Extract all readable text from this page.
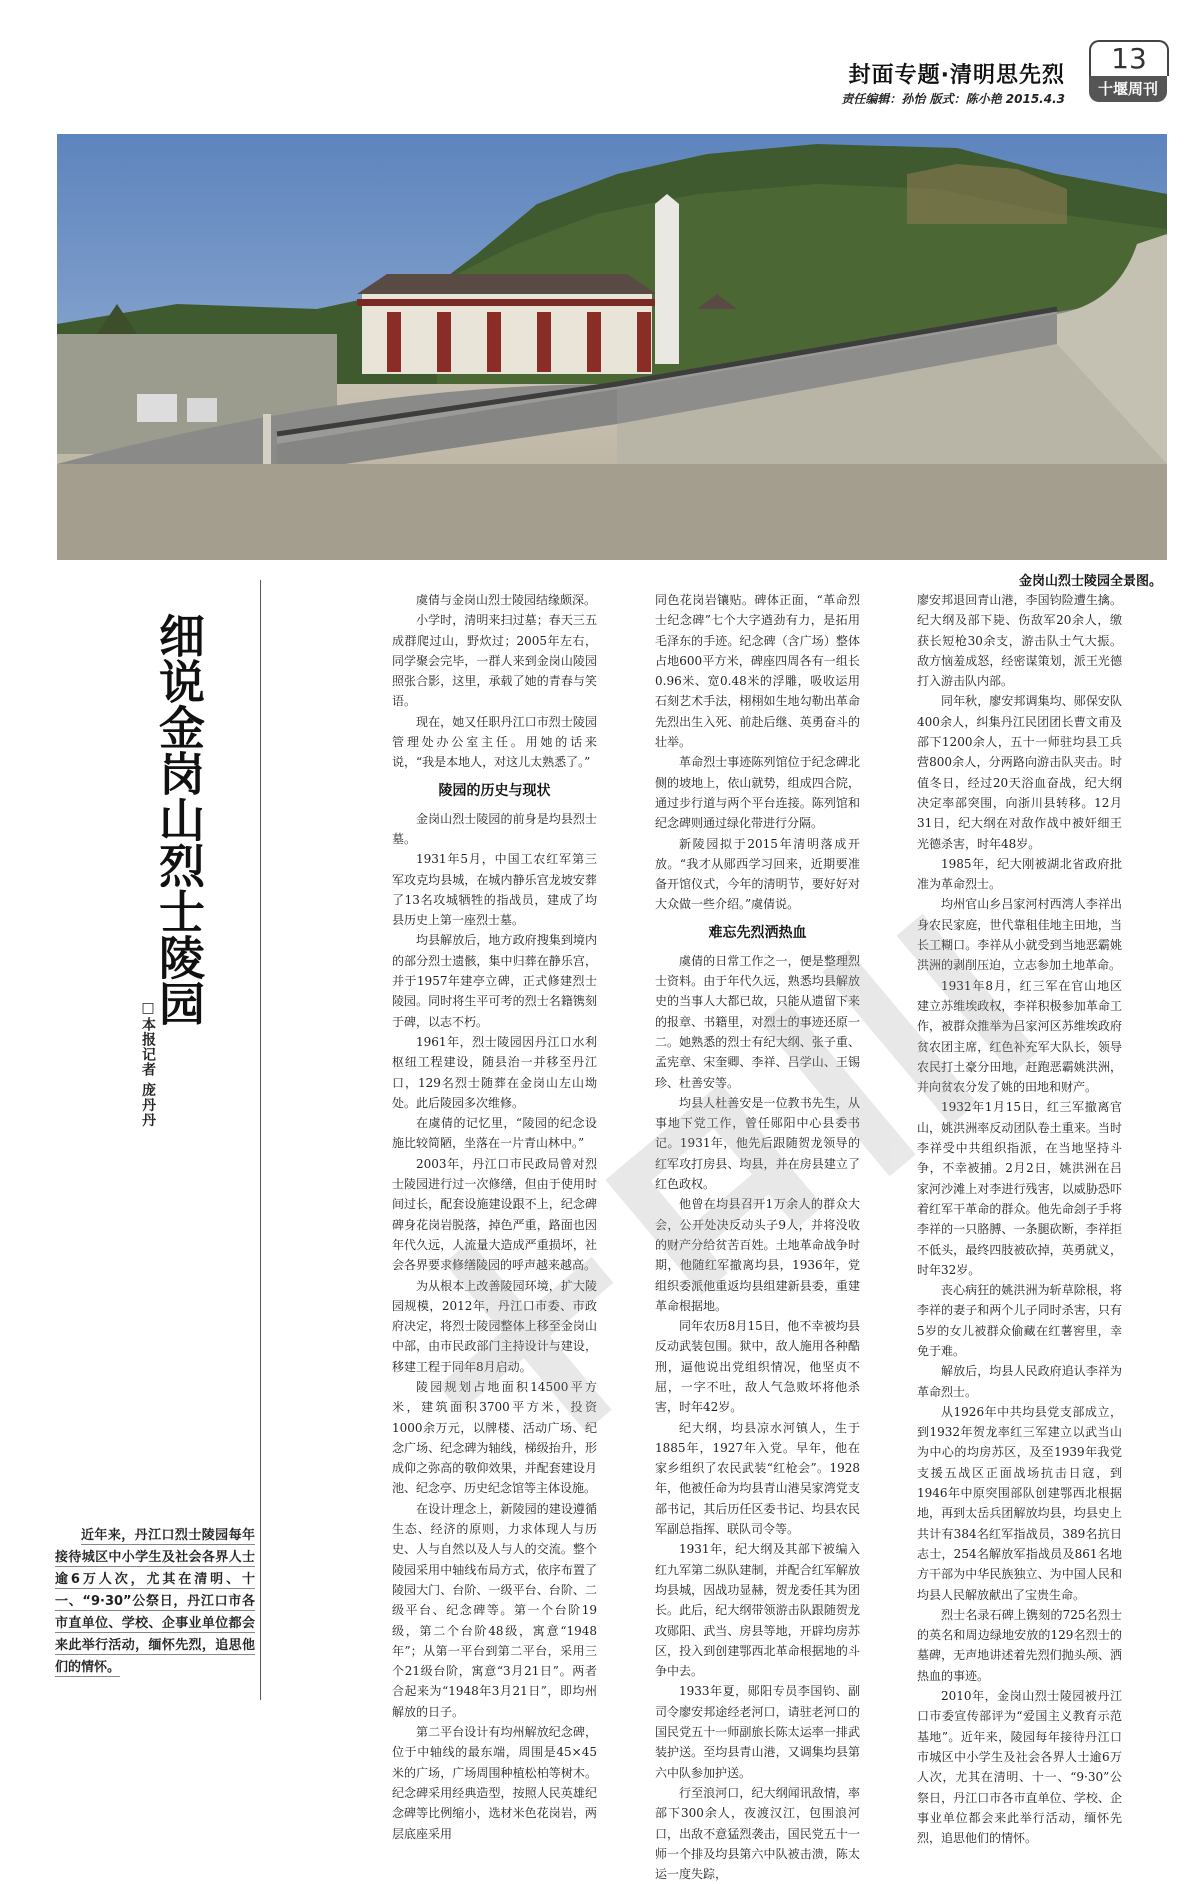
封面专题·清明思先烈
责任编辑：孙怡 版式：陈小艳 2015.4.3
13
十堰周刊
金岗山烈士陵园全景图。
细说金岗山烈士陵园
□本报记者 庞丹丹

近年来，丹江口烈士陵园每年接待城区中小学生及社会各界人士逾6万人次，尤其在清明、十一、“9·30”公祭日，丹江口市各市直单位、学校、企事业单位都会来此举行活动，缅怀先烈，追思他们的情怀。

虞倩与金岗山烈士陵园结缘颇深。

小学时，清明来扫过墓；春天三五成群爬过山，野炊过；2005年左右，同学聚会完毕，一群人来到金岗山陵园照张合影，这里，承载了她的青春与笑语。

现在，她又任职丹江口市烈士陵园管理处办公室主任。用她的话来说，“我是本地人，对这儿太熟悉了。”

陵园的历史与现状

金岗山烈士陵园的前身是均县烈士墓。

1931年5月，中国工农红军第三军攻克均县城，在城内静乐宫龙坡安葬了13名攻城牺牲的指战员，建成了均县历史上第一座烈士墓。

均县解放后，地方政府搜集到境内的部分烈士遗骸，集中归葬在静乐宫，并于1957年建亭立碑，正式修建烈士陵园。同时将生平可考的烈士名籍镌刻于碑，以志不朽。

1961年，烈士陵园因丹江口水利枢纽工程建设，随县治一并移至丹江口，129名烈士随葬在金岗山左山坳处。此后陵园多次维修。

在虞倩的记忆里，“陵园的纪念设施比较简陋，坐落在一片青山林中。”

2003年，丹江口市民政局曾对烈士陵园进行过一次修缮，但由于使用时间过长，配套设施建设跟不上，纪念碑碑身花岗岩脱落，掉色严重，路面也因年代久远，人流量大造成严重损坏，社会各界要求修缮陵园的呼声越来越高。

为从根本上改善陵园环境，扩大陵园规模，2012年，丹江口市委、市政府决定，将烈士陵园整体上移至金岗山中部，由市民政部门主持设计与建设，移建工程于同年8月启动。

陵园规划占地面积14500平方米，建筑面积3700平方米，投资1000余万元，以牌楼、活动广场、纪念广场、纪念碑为轴线，梯级抬升，形成仰之弥高的敬仰效果，并配套建设月池、纪念亭、历史纪念馆等主体设施。

在设计理念上，新陵园的建设遵循生态、经济的原则，力求体现人与历史、人与自然以及人与人的交流。整个陵园采用中轴线布局方式，依序布置了陵园大门、台阶、一级平台、台阶、二级平台、纪念碑等。第一个台阶19级，第二个台阶48级，寓意“1948年”；从第一平台到第二平台，采用三个21级台阶，寓意“3月21日”。两者合起来为“1948年3月21日”，即均州解放的日子。

第二平台设计有均州解放纪念碑，位于中轴线的最东端，周围是45×45米的广场，广场周围种植松柏等树木。纪念碑采用经典造型，按照人民英雄纪念碑等比例缩小，选材米色花岗岩，两层底座采用

同色花岗岩镶贴。碑体正面，“革命烈士纪念碑”七个大字遒劲有力，是拓用毛泽东的手迹。纪念碑（含广场）整体占地600平方米，碑座四周各有一组长0.96米、宽0.48米的浮雕，吸收运用石刻艺术手法，栩栩如生地勾勒出革命先烈出生入死、前赴后继、英勇奋斗的壮举。

革命烈士事迹陈列馆位于纪念碑北侧的坡地上，依山就势，组成四合院，通过步行道与两个平台连接。陈列馆和纪念碑则通过绿化带进行分隔。

新陵园拟于2015年清明落成开放。“我才从郧西学习回来，近期要准备开馆仪式，今年的清明节，要好好对大众做一些介绍。”虞倩说。

难忘先烈洒热血

虞倩的日常工作之一，便是整理烈士资料。由于年代久远，熟悉均县解放史的当事人大都已故，只能从遗留下来的报章、书籍里，对烈士的事迹还原一二。她熟悉的烈士有纪大纲、张子重、孟宪章、宋奎卿、李祥、吕学山、王锡珍、杜善安等。

均县人杜善安是一位教书先生，从事地下党工作，曾任郧阳中心县委书记。1931年，他先后跟随贺龙领导的红军攻打房县、均县，并在房县建立了红色政权。

他曾在均县召开1万余人的群众大会，公开处决反动头子9人，并将没收的财产分给贫苦百姓。土地革命战争时期，他随红军撤离均县，1936年，党组织委派他重返均县组建新县委，重建革命根据地。

同年农历8月15日，他不幸被均县反动武装包围。狱中，敌人施用各种酷刑，逼他说出党组织情况，他坚贞不屈，一字不吐，敌人气急败坏将他杀害，时年42岁。

纪大纲，均县凉水河镇人，生于1885年，1927年入党。早年，他在家乡组织了农民武装“红枪会”。1928年，他被任命为均县青山港吴家湾党支部书记，其后历任区委书记、均县农民军副总指挥、联队司令等。

1931年，纪大纲及其部下被编入红九军第二纵队建制，并配合红军解放均县城，因战功显赫，贺龙委任其为团长。此后，纪大纲带领游击队跟随贺龙攻郧阳、武当、房县等地，开辟均房苏区，投入到创建鄂西北革命根据地的斗争中去。

1933年夏，郧阳专员李国钧、副司令廖安邦途经老河口，请驻老河口的国民党五十一师副旅长陈太运率一排武装护送。至均县青山港，又调集均县第六中队参加护送。

行至浪河口，纪大纲闻讯敌情，率部下300余人，夜渡汉江，包围浪河口，出敌不意猛烈袭击，国民党五十一师一个排及均县第六中队被击溃，陈太运一度失踪，

廖安邦退回青山港，李国钧险遭生擒。纪大纲及部下毙、伤敌军20余人，缴获长短枪30余支，游击队士气大振。敌方恼羞成怒，经密谋策划，派王光德打入游击队内部。

同年秋，廖安邦调集均、郧保安队400余人，纠集丹江民团团长曹文甫及部下1200余人，五十一师驻均县工兵营800余人，分两路向游击队夹击。时值冬日，经过20天浴血奋战，纪大纲决定率部突围，向浙川县转移。12月31日，纪大纲在对敌作战中被奸细王光德杀害，时年48岁。

1985年，纪大刚被湖北省政府批准为革命烈士。

均州官山乡吕家河村西湾人李祥出身农民家庭，世代靠租佳地主田地，当长工糊口。李祥从小就受到当地恶霸姚洪洲的剥削压迫，立志参加土地革命。

1931年8月，红三军在官山地区建立苏维埃政权，李祥积极参加革命工作，被群众推举为吕家河区苏维埃政府贫农团主席，红色补充军大队长，领导农民打土豪分田地，赶跑恶霸姚洪洲，并向贫农分发了姚的田地和财产。

1932年1月15日，红三军撤离官山，姚洪洲率反动团队卷土重来。当时李祥受中共组织指派，在当地坚持斗争，不幸被捕。2月2日，姚洪洲在吕家河沙滩上对李进行残害，以威胁恐吓着红军干革命的群众。他先命刽子手将李祥的一只胳膊、一条腿砍断，李祥拒不低头，最终四肢被砍掉，英勇就义，时年32岁。

丧心病狂的姚洪洲为斩草除根，将李祥的妻子和两个儿子同时杀害，只有5岁的女儿被群众偷藏在红薯窖里，幸免于难。

解放后，均县人民政府追认李祥为革命烈士。

从1926年中共均县党支部成立，到1932年贺龙率红三军建立以武当山为中心的均房苏区，及至1939年我党支援五战区正面战场抗击日寇，到1946年中原突围部队创建鄂西北根据地，再到太岳兵团解放均县，均县史上共计有384名红军指战员，389名抗日志士，254名解放军指战员及861名地方干部为中华民族独立、为中国人民和均县人民解放献出了宝贵生命。

烈士名录石碑上镌刻的725名烈士的英名和周边绿地安放的129名烈士的墓碑，无声地讲述着先烈们抛头颅、洒热血的事迹。

2010年，金岗山烈士陵园被丹江口市委宣传部评为“爱国主义教育示范基地”。近年来，陵园每年接待丹江口市城区中小学生及社会各界人士逾6万人次，尤其在清明、十一、“9·30”公祭日，丹江口市各市直单位、学校、企事业单位都会来此举行活动，缅怀先烈，追思他们的情怀。
